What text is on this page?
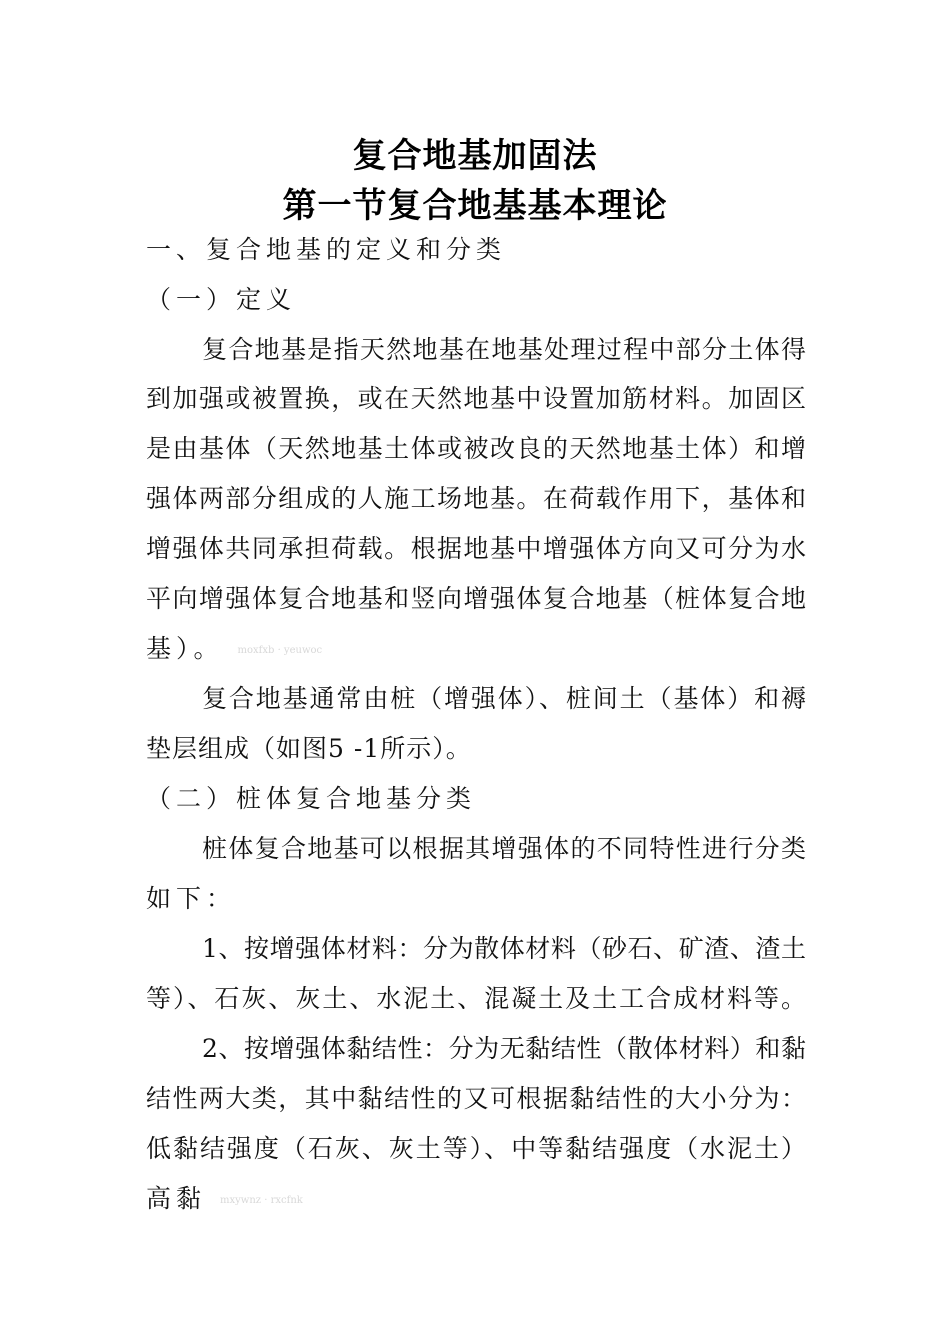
复合地基加固法
第一节复合地基基本理论
一、复合地基的定义和分类
（一）定义
复合地基是指天然地基在地基处理过程中部分土体得
到加强或被置换，或在天然地基中设置加筋材料。加固区
是由基体（天然地基土体或被改良的天然地基土体）和增
强体两部分组成的人施工场地基。在荷载作用下，基体和
增强体共同承担荷载。根据地基中增强体方向又可分为水
平向增强体复合地基和竖向增强体复合地基（桩体复合地
基）。 moxfxb · yeuwoc
复合地基通常由桩（增强体）、桩间土（基体）和褥
垫层组成（如图5 -1所示）。
（二）桩体复合地基分类
桩体复合地基可以根据其增强体的不同特性进行分类
如下：
1、按增强体材料：分为散体材料（砂石、矿渣、渣土
等）、石灰、灰土、水泥土、混凝土及土工合成材料等。
2、按增强体黏结性：分为无黏结性（散体材料）和黏
结性两大类，其中黏结性的又可根据黏结性的大小分为：
低黏结强度（石灰、灰土等）、中等黏结强度（水泥土）
高黏 mxywnz · rxcfnk
